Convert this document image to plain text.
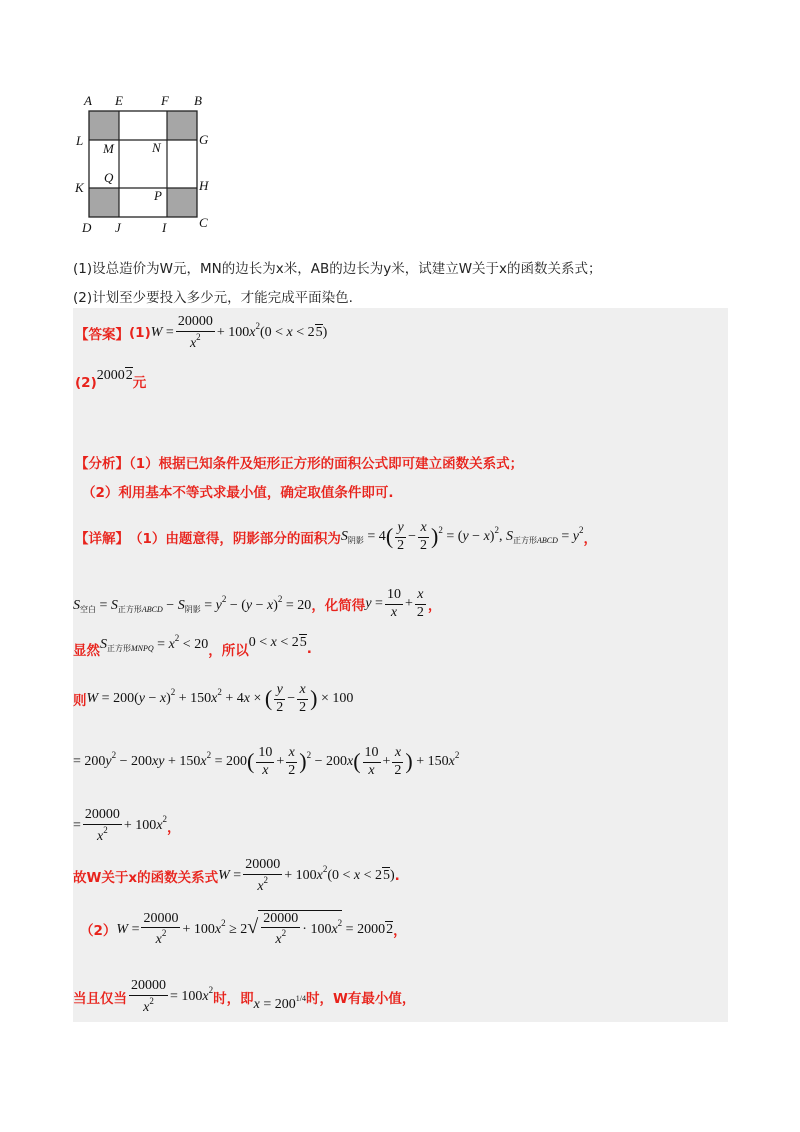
A E	F B
L	G
M	N
K	H
Q
P
D J	I	C
(1)设总造价为W元，MN的边长为x米，AB的边长为y米，试建立W关于x的函数关系式；
(2)计划至少要投入多少元，才能完成平面染色.
【答案】 (1) $W = \frac{20000}{x^2} + 100x^2(0 < x < 25)$
(2) 20002 元
【分析】（1）根据已知条件及矩形正方形的面积公式即可建立函数关系式；
（2）利用基本不等式求最小值，确定取值条件即可.
【详解】 （1）由题意得，阴影部分的面积为 $S_{阴影} = 4( \frac{y}{2} - \frac{x}{2} )^2 = (y - x)^2$, $S_{正方形ABCD} = y^2$
，
$S_{空白} = S_{正方形ABCD} - S_{阴影} = y^2 - (y - x)^2 = 20$ ，化简得 $y = \frac{10}{x} + \frac{x}{2}$ ，
显然 $S_{正方形MNPQ} = x^2 < 20$ ，所以
0 < x < 25 .
则 $W = 200(y - x)^2 + 150x^2 + 4x$ × ( $\frac{y}{2} - \frac{x}{2}$ ) × 100
= $200y^2 - 200xy + 150x^2 = 200( \frac{10}{x} + \frac{x}{2} )^2 - 200x( \frac{10}{x} + \frac{x}{2}$ ) + $150x^2$
= $\frac{20000}{x^2} + 100x^2$
，
故W关于x的函数关系式 $W = \frac{20000}{x^2} + 100x^2(0 < x < 25)$ .
（2） $W = \frac{20000}{x^2} + 100x^2 \ge 2√ \frac{20000}{x^2} \cdot 100x^2 = 20002$ ，
当且仅当 $\frac{20000}{x^2} = 100x^2$
时，即 $x = 200^{1/4}$ 时，W有最小值，
